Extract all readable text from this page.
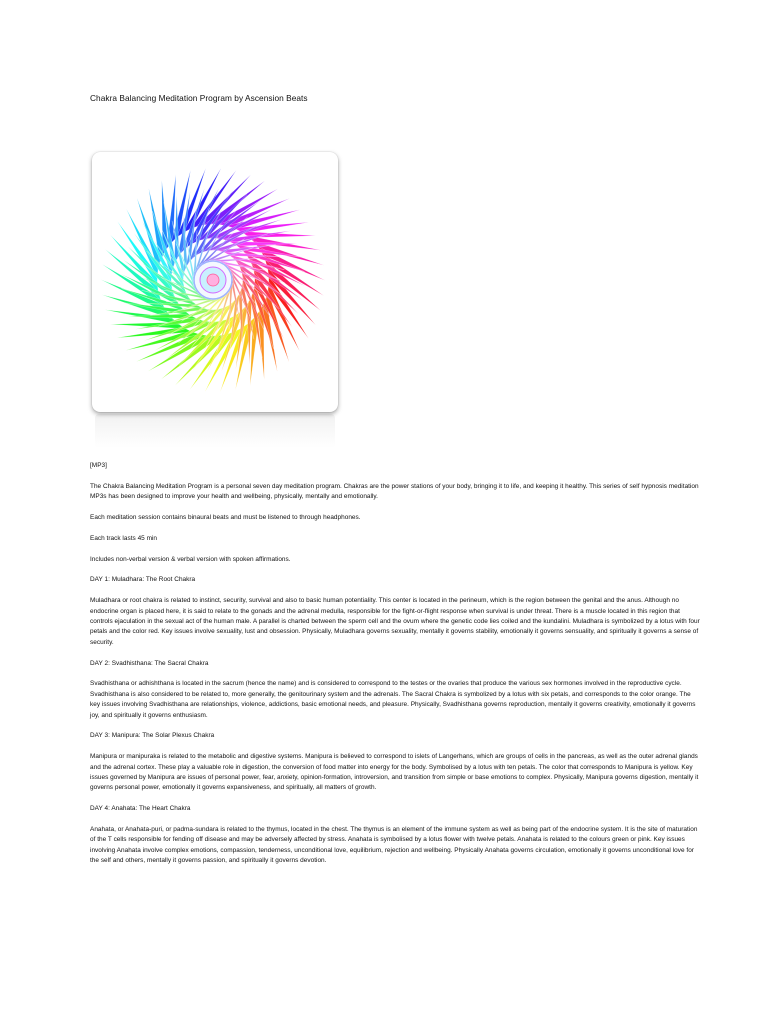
Chakra Balancing Meditation Program by Ascension Beats

[MP3]

The Chakra Balancing Meditation Program is a personal seven day meditation program. Chakras are the power stations of your body, bringing it to life, and keeping it healthy. This series of self hypnosis meditation MP3s has been designed to improve your health and wellbeing, physically, mentally and emotionally.

Each meditation session contains binaural beats and must be listened to through headphones.

Each track lasts 45 min

Includes non-verbal version & verbal version with spoken affirmations.

DAY 1: Muladhara: The Root Chakra

Muladhara or root chakra is related to instinct, security, survival and also to basic human potentiality. This center is located in the perineum, which is the region between the genital and the anus. Although no endocrine organ is placed here, it is said to relate to the gonads and the adrenal medulla, responsible for the fight-or-flight response when survival is under threat. There is a muscle located in this region that controls ejaculation in the sexual act of the human male. A parallel is charted between the sperm cell and the ovum where the genetic code lies coiled and the kundalini. Muladhara is symbolized by a lotus with four petals and the color red. Key issues involve sexuality, lust and obsession. Physically, Muladhara governs sexuality, mentally it governs stability, emotionally it governs sensuality, and spiritually it governs a sense of security.

DAY 2: Svadhisthana: The Sacral Chakra

Svadhisthana or adhishthana is located in the sacrum (hence the name) and is considered to correspond to the testes or the ovaries that produce the various sex hormones involved in the reproductive cycle. Svadhisthana is also considered to be related to, more generally, the genitourinary system and the adrenals. The Sacral Chakra is symbolized by a lotus with six petals, and corresponds to the color orange. The key issues involving Svadhisthana are relationships, violence, addictions, basic emotional needs, and pleasure. Physically, Svadhisthana governs reproduction, mentally it governs creativity, emotionally it governs joy, and spiritually it governs enthusiasm.

DAY 3: Manipura: The Solar Plexus Chakra

Manipura or manipuraka is related to the metabolic and digestive systems. Manipura is believed to correspond to islets of Langerhans, which are groups of cells in the pancreas, as well as the outer adrenal glands and the adrenal cortex. These play a valuable role in digestion, the conversion of food matter into energy for the body. Symbolised by a lotus with ten petals. The color that corresponds to Manipura is yellow. Key issues governed by Manipura are issues of personal power, fear, anxiety, opinion-formation, introversion, and transition from simple or base emotions to complex. Physically, Manipura governs digestion, mentally it governs personal power, emotionally it governs expansiveness, and spiritually, all matters of growth.

DAY 4: Anahata: The Heart Chakra

Anahata, or Anahata-puri, or padma-sundara is related to the thymus, located in the chest. The thymus is an element of the immune system as well as being part of the endocrine system. It is the site of maturation of the T cells responsible for fending off disease and may be adversely affected by stress. Anahata is symbolised by a lotus flower with twelve petals. Anahata is related to the colours green or pink. Key issues involving Anahata involve complex emotions, compassion, tenderness, unconditional love, equilibrium, rejection and wellbeing. Physically Anahata governs circulation, emotionally it governs unconditional love for the self and others, mentally it governs passion, and spiritually it governs devotion.
